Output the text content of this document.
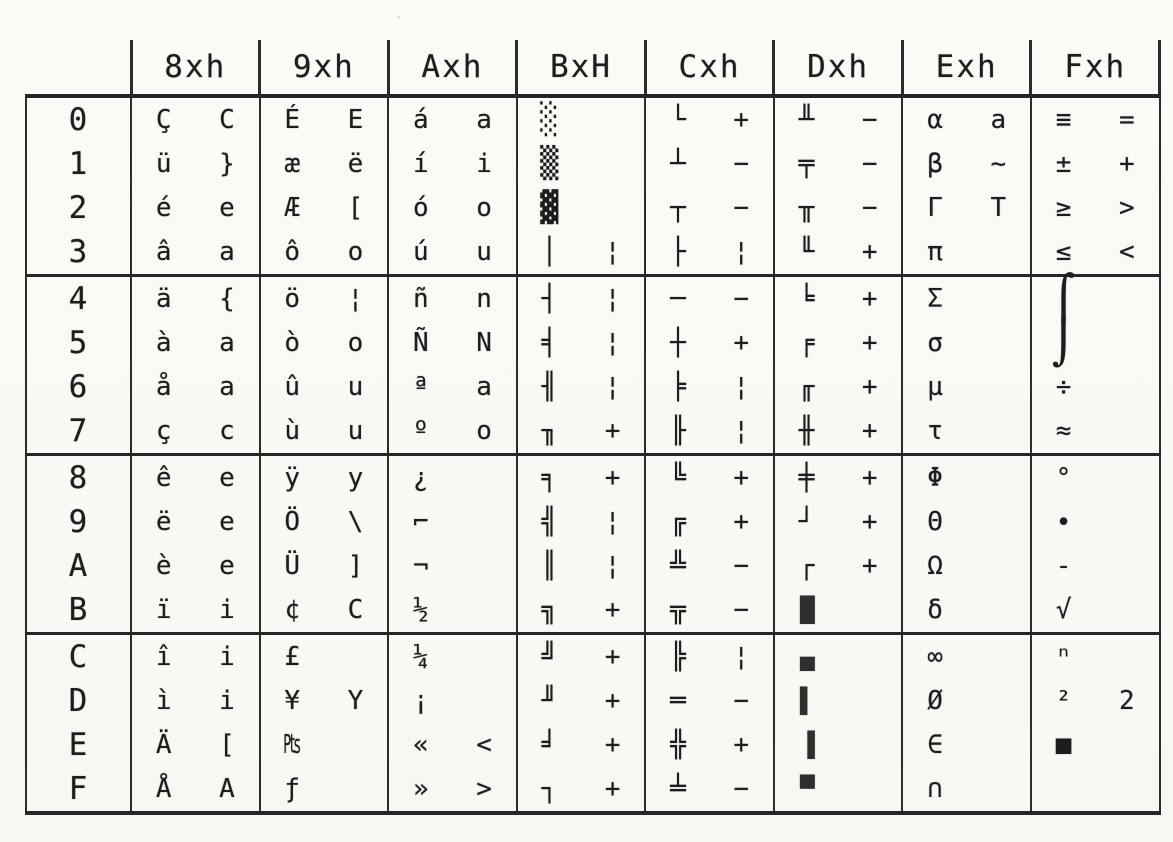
	8xh	9xh	Axh	BxH	Cxh	Dxh	Exh	Fxh
0	Ç C	É E	á a	░	└ +	╨ −	α a	≡ =

1	ü }	æ ë	í i	▒	┴ −	╤ −	β ~	± +

2	é e	Æ [	ó o	▓	┬ −	╥ −	Γ T	≥ >

3	â a	ô o	ú u	│ ¦	├ ¦	╙ +	π	≤ <

4	ä {	ö ¦	ñ n	┤ ¦	─ −	╘ +	Σ	⌠

5	à a	ò o	Ñ N	╡ ¦	┼ +	╒ +	σ	⌡

6	å a	û u	ª a	╢ ¦	╞ ¦	╓ +	µ	÷

7	ç c	ù u	º o	╖ +	╟ ¦	╫ +	τ	≈

8	ê e	ÿ y	¿	╕ +	╚ +	╪ +	Φ	°

9	ë e	Ö \	⌐	╣ ¦	╔ +	┘ +	Θ	∙

A	è e	Ü ]	¬	║ ¦	╩ −	┌ +	Ω	-

B	ï i	¢ C	½	╗ +	╦ −	█	δ	√

C	î i	£	¼	╝ +	╠ ¦	▄	∞	ⁿ

D	ì i	¥ Y	¡	╜ +	═ −	▌	Ø	² 2

E	Ä [	₧	« <	╛ +	╬ +	▐	∈	■

F	Å A	ƒ	» >	┐ +	╧ −	▀	∩	
